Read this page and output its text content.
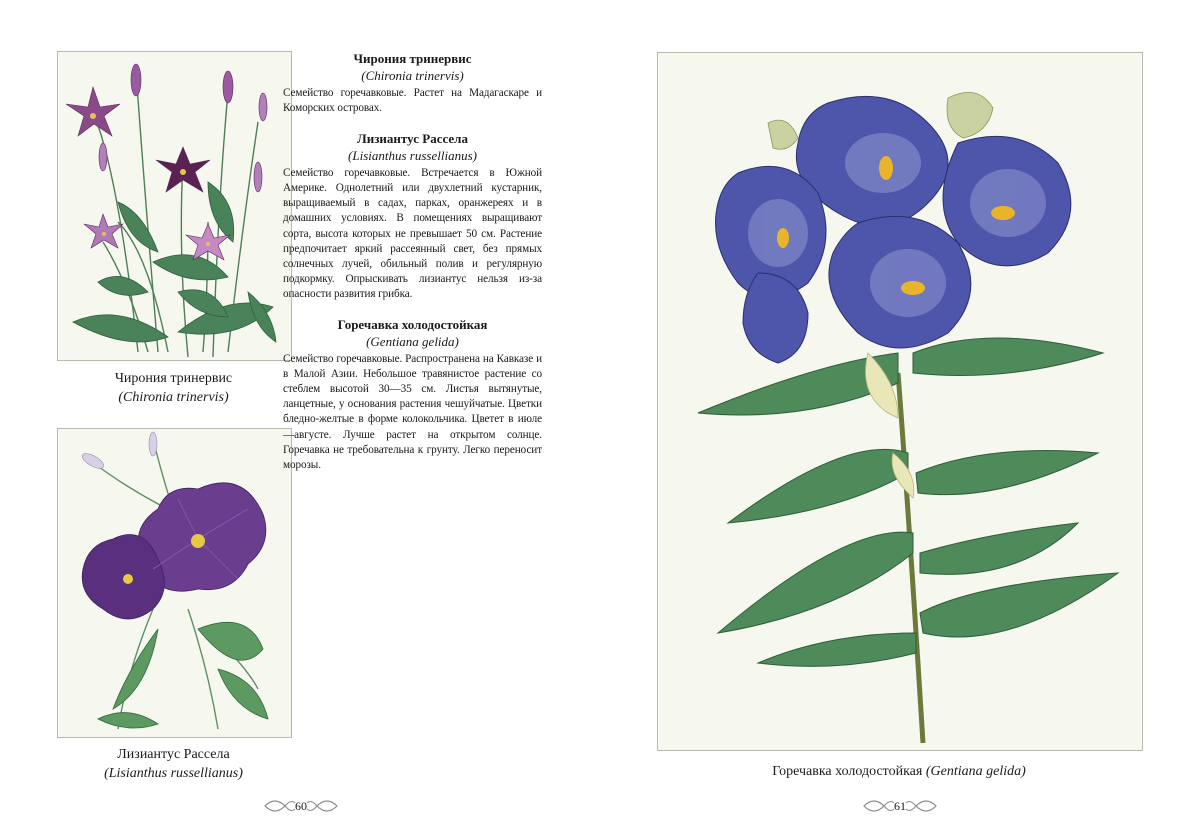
Чирония тринервис
(Chironia trinervis)
Лизиантус Рассела
(Lisianthus russellianus)

Чирония тринервис

(Chironia trinervis)

Семейство горечавковые. Растет на Мадагаскаре и Коморских островах.

Лизиантус Рассела

(Lisianthus russellianus)

Семейство горечавковые. Встречается в Южной Америке. Однолетний или двухлетний кустарник, выращиваемый в садах, парках, оранжереях и в домашних условиях. В помещениях выращивают сорта, высота которых не превышает 50 см. Растение предпочитает яркий рассеянный свет, без прямых солнечных лучей, обильный полив и регулярную подкормку. Опрыскивать лизиантус нельзя из-за опасности развития грибка.

Горечавка холодостойкая

(Gentiana gelida)

Семейство горечавковые. Распространена на Кавказе и в Малой Азии. Небольшое травянистое растение со стеблем высотой 30—35 см. Листья вытянутые, ланцетные, у основания растения чешуйчатые. Цветки бледно-желтые в форме колокольчика. Цветет в июле—августе. Лучше растет на открытом солнце. Горечавка не требовательна к грунту. Легко переносит морозы.

Горечавка холодостойкая (Gentiana gelida)
60	61
